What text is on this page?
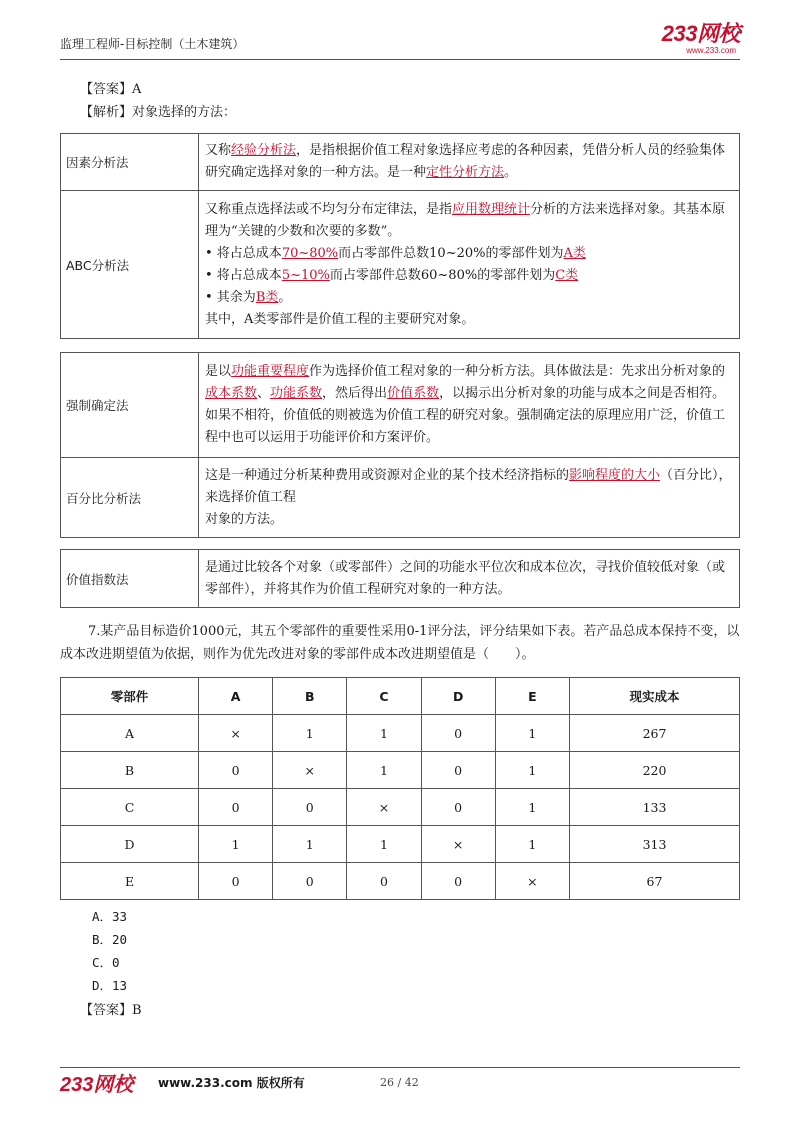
监理工程师-目标控制（土木建筑）	233网校
www.233.com
【答案】A
【解析】对象选择的方法：
因素分析法	又称经验分析法，是指根据价值工程对象选择应考虑的各种因素，凭借分析人员的经验集体研究确定选择对象的一种方法。是一种定性分析方法。
ABC分析法	又称重点选择法或不均匀分布定律法，是指应用数理统计分析的方法来选择对象。其基本原理为“关键的少数和次要的多数”。
• 将占总成本70~80%而占零部件总数10~20%的零部件划为A类
• 将占总成本5~10%而占零部件总数60~80%的零部件划为C类
• 其余为B类。
其中，A类零部件是价值工程的主要研究对象。
强制确定法	是以功能重要程度作为选择价值工程对象的一种分析方法。具体做法是：先求出分析对象的成本系数、功能系数，然后得出价值系数，以揭示出分析对象的功能与成本之间是否相符。如果不相符，价值低的则被选为价值工程的研究对象。强制确定法的原理应用广泛，价值工程中也可以运用于功能评价和方案评价。
百分比分析法	这是一种通过分析某种费用或资源对企业的某个技术经济指标的影响程度的大小（百分比），来选择价值工程
对象的方法。
价值指数法	是通过比较各个对象（或零部件）之间的功能水平位次和成本位次，寻找价值较低对象（或零部件），并将其作为价值工程研究对象的一种方法。
7.某产品目标造价1000元，其五个零部件的重要性采用0-1评分法，评分结果如下表。若产品总成本保持不变，以成本改进期望值为依据，则作为优先改进对象的零部件成本改进期望值是（　　）。
零部件	A	B	C	D	E	现实成本
A	×	1	1	0	1	267
B	0	×	1	0	1	220
C	0	0	×	0	1	133
D	1	1	1	×	1	313
E	0	0	0	0	×	67
A．33
B．20
C．0
D．13
【答案】B
233网校 www.233.com 版权所有	26 / 42
